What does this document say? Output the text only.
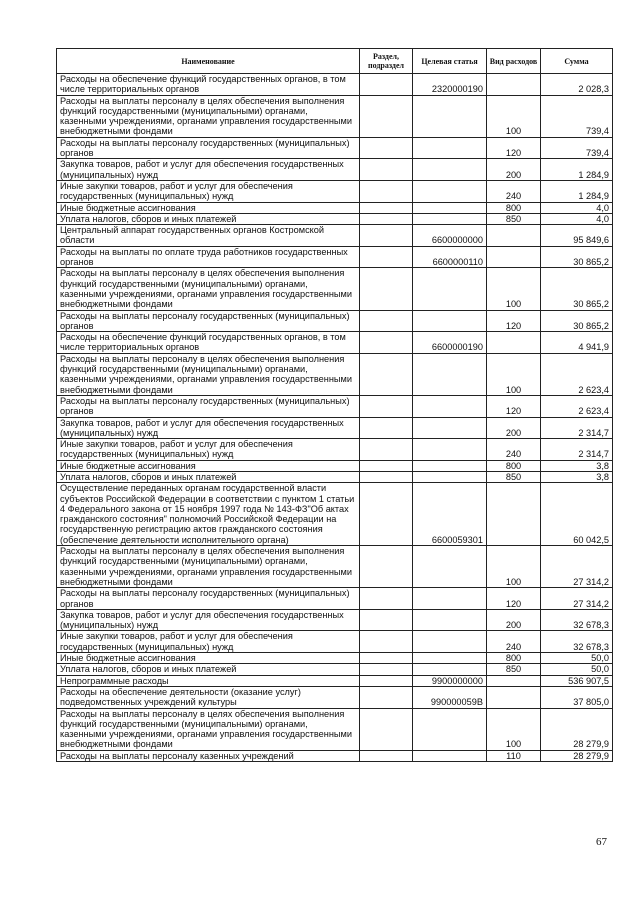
Наименование	Раздел, подраздел	Целевая статья	Вид расходов	Сумма
Расходы на обеспечение функций государственных органов, в том числе территориальных органов		2320000190		2 028,3
Расходы на выплаты персоналу в целях обеспечения выполнения функций государственными (муниципальными) органами, казенными учреждениями, органами управления государственными внебюджетными фондами			100	739,4
Расходы на выплаты персоналу государственных (муниципальных) органов			120	739,4
Закупка товаров, работ и услуг для обеспечения государственных (муниципальных) нужд			200	1 284,9
Иные закупки товаров, работ и услуг для обеспечения государственных (муниципальных) нужд			240	1 284,9
Иные бюджетные ассигнования			800	4,0
Уплата налогов, сборов и иных платежей			850	4,0
Центральный аппарат государственных органов Костромской области		6600000000		95 849,6
Расходы на выплаты по оплате труда работников государственных органов		6600000110		30 865,2
Расходы на выплаты персоналу в целях обеспечения выполнения функций государственными (муниципальными) органами, казенными учреждениями, органами управления государственными внебюджетными фондами			100	30 865,2
Расходы на выплаты персоналу государственных (муниципальных) органов			120	30 865,2
Расходы на обеспечение функций государственных органов, в том числе территориальных органов		6600000190		4 941,9
Расходы на выплаты персоналу в целях обеспечения выполнения функций государственными (муниципальными) органами, казенными учреждениями, органами управления государственными внебюджетными фондами			100	2 623,4
Расходы на выплаты персоналу государственных (муниципальных) органов			120	2 623,4
Закупка товаров, работ и услуг для обеспечения государственных (муниципальных) нужд			200	2 314,7
Иные закупки товаров, работ и услуг для обеспечения государственных (муниципальных) нужд			240	2 314,7
Иные бюджетные ассигнования			800	3,8
Уплата налогов, сборов и иных платежей			850	3,8
Осуществление переданных органам государственной власти субъектов Российской Федерации в соответствии с пунктом 1 статьи 4 Федерального закона от 15 ноября 1997 года № 143-ФЗ"Об актах гражданского состояния" полномочий Российской Федерации на государственную регистрацию актов гражданского состояния (обеспечение деятельности исполнительного органа)		6600059301		60 042,5
Расходы на выплаты персоналу в целях обеспечения выполнения функций государственными (муниципальными) органами, казенными учреждениями, органами управления государственными внебюджетными фондами			100	27 314,2
Расходы на выплаты персоналу государственных (муниципальных) органов			120	27 314,2
Закупка товаров, работ и услуг для обеспечения государственных (муниципальных) нужд			200	32 678,3
Иные закупки товаров, работ и услуг для обеспечения государственных (муниципальных) нужд			240	32 678,3
Иные бюджетные ассигнования			800	50,0
Уплата налогов, сборов и иных платежей			850	50,0
Непрограммные расходы		9900000000		536 907,5
Расходы на обеспечение деятельности (оказание услуг) подведомственных учреждений культуры		990000059В		37 805,0
Расходы на выплаты персоналу в целях обеспечения выполнения функций государственными (муниципальными) органами, казенными учреждениями, органами управления государственными внебюджетными фондами			100	28 279,9
Расходы на выплаты персоналу казенных учреждений			110	28 279,9
67
